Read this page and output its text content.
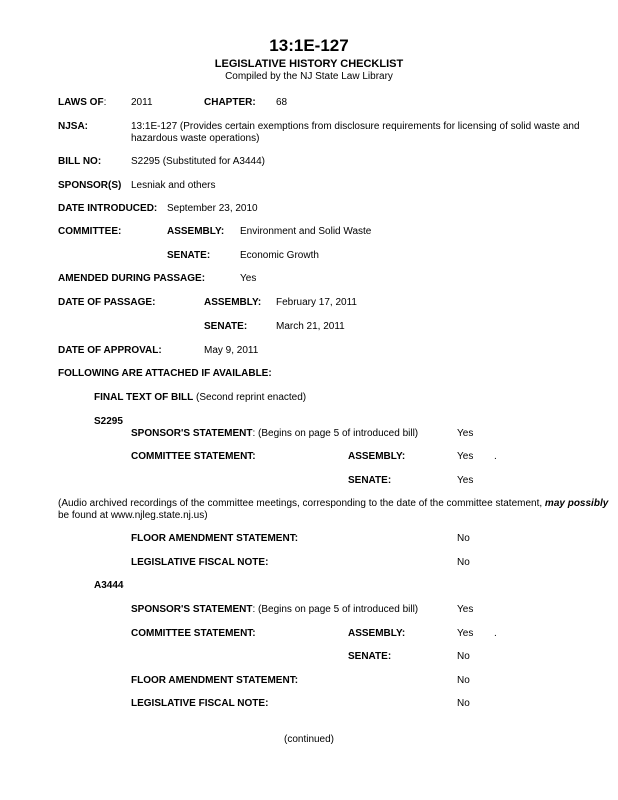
13:1E-127
LEGISLATIVE HISTORY CHECKLIST
Compiled by the NJ State Law Library
LAWS OF: 2011	CHAPTER: 68
NJSA:	13:1E-127 (Provides certain exemptions from disclosure requirements for licensing of solid waste and hazardous waste operations)
BILL NO:	S2295 (Substituted for A3444)
SPONSOR(S) Lesniak and others
DATE INTRODUCED: September 23, 2010
COMMITTEE:	ASSEMBLY: Environment and Solid Waste
SENATE:	Economic Growth
AMENDED DURING PASSAGE:	Yes
DATE OF PASSAGE:	ASSEMBLY: February 17, 2011
SENATE:	March 21, 2011
DATE OF APPROVAL:	May 9, 2011
FOLLOWING ARE ATTACHED IF AVAILABLE:
FINAL TEXT OF BILL (Second reprint enacted)
S2295
SPONSOR'S STATEMENT: (Begins on page 5 of introduced bill)	Yes
COMMITTEE STATEMENT:	ASSEMBLY:	Yes .
SENATE:	Yes
(Audio archived recordings of the committee meetings, corresponding to the date of the committee statement, may possibly
be found at www.njleg.state.nj.us)
FLOOR AMENDMENT STATEMENT:	No
LEGISLATIVE FISCAL NOTE:	No
A3444
SPONSOR'S STATEMENT: (Begins on page 5 of introduced bill)	Yes
COMMITTEE STATEMENT:	ASSEMBLY:	Yes .
SENATE:	No
FLOOR AMENDMENT STATEMENT:	No
LEGISLATIVE FISCAL NOTE:	No
(continued)
